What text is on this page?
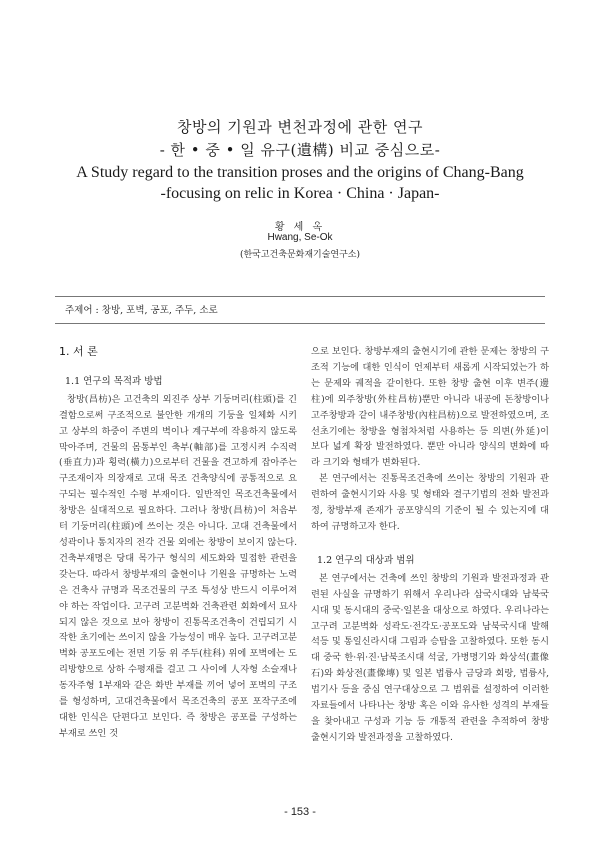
창방의 기원과 변천과정에 관한 연구
- 한 • 중 • 일 유구(遺構) 비교 중심으로-
A Study regard to the transition proses and the origins of Chang-Bang
-focusing on relic in Korea · China · Japan-
황 세 옥
Hwang, Se-Ok
(한국고건축문화재기술연구소)
주제어 : 창방, 포벽, 공포, 주두, 소로
1. 서 론
1.1 연구의 목적과 방법

창방(昌枋)은 고건축의 외진주 상부 기둥머리(柱頭)를 긴결함으로써 구조적으로 불안한 개개의 기둥을 일체화 시키고 상부의 하중이 주변의 벽이나 계구부에 작용하지 않도록 막아주며, 건물의 몸통부인 축부(軸部)를 고정시켜 수직력(垂直力)과 횡력(橫力)으로부터 건물을 견고하게 잡아주는 구조재이자 의장재로 고대 목조 건축양식에 공통적으로 요구되는 필수적인 수평 부재이다. 일반적인 목조건축물에서 창방은 실대적으로 필요하다. 그러나 창방(昌枋)이 처음부터 기둥머리(柱頭)에 쓰이는 것은 아니다. 고대 건축물에서 성곽이나 통치자의 전각 건물 외에는 창방이 보이지 않는다. 건축부재명은 당대 목가구 형식의 세도화와 밀접한 관련을 갖는다. 따라서 창방부재의 출현이나 기원을 규명하는 노력은 건축사 규명과 목조건물의 구조 특성상 반드시 이루어져야 하는 작업이다. 고구려 고분벽화 건축관련 회화에서 묘사되지 않은 것으로 보아 창방이 진통목조건축이 건립되기 시작한 초기에는 쓰이지 않을 가능성이 매우 높다. 고구려고분벽화 공포도에는 전면 기둥 위 주두(柱科) 위에 포벽에는 도리방향으로 상하 수평재를 걸고 그 사이에 人자형 소슬재나 동자주형 1부재와 같은 화반 부재를 끼어 넣어 포벽의 구조를 형성하며, 고대건축물에서 목조건축의 공포 포작구조에 대한 인식은 단편다고 보인다. 즉 창방은 공포를 구성하는 부재로 쓰인 것

으로 보인다. 창방부재의 출현시기에 관한 문제는 창방의 구조적 기능에 대한 인식이 언제부터 새롭게 시작되었는가 하는 문제와 궤적을 같이한다. 또한 창방 출현 이후 변주(邊柱)에 외주창방(外柱昌枋)뿐만 아니라 내공에 돈창방이나 고주창방과 같이 내주창방(內柱昌枋)으로 발전하였으며, 조선초기에는 창방을 형첨차처럼 사용하는 등 의변(外延)이 보다 넓게 확장 발전하였다. 뿐만 아니라 양식의 변화에 따라 크기와 형태가 변화된다.

본 연구에서는 진통목조건축에 쓰이는 창방의 기원과 관련하여 출현시기와 사용 및 형태와 결구기법의 전화 발전과정, 창방부재 존재가 공포양식의 기준이 될 수 있는지에 대하여 규명하고자 한다.

1.2 연구의 대상과 범위

본 연구에서는 건축에 쓰인 창방의 기원과 발전과정과 관련된 사실을 규명하기 위해서 우리나라 삼국시대와 남북국시대 및 동시대의 중국·일본을 대상으로 하였다. 우리나라는 고구려 고분벽화 성곽도·전각도·공포도와 남북국시대 발해 석등 및 통일신라시대 그림과 승탑을 고찰하였다. 또한 동시대 중국 한·위·진·남북조시대 석굴, 가병명기와 화상석(畫像石)와 화상전(畫像塼) 및 일본 법륭사 금당과 회랑, 법륭사, 법기사 등을 중심 연구대상으로 그 범위를 설정하여 이러한 자료들에서 나타나는 창방 혹은 이와 유사한 성격의 부재들을 찾아내고 구성과 기능 등 개통적 관련을 추적하여 창방 출현시기와 발전과정을 고찰하였다.

- 153 -
